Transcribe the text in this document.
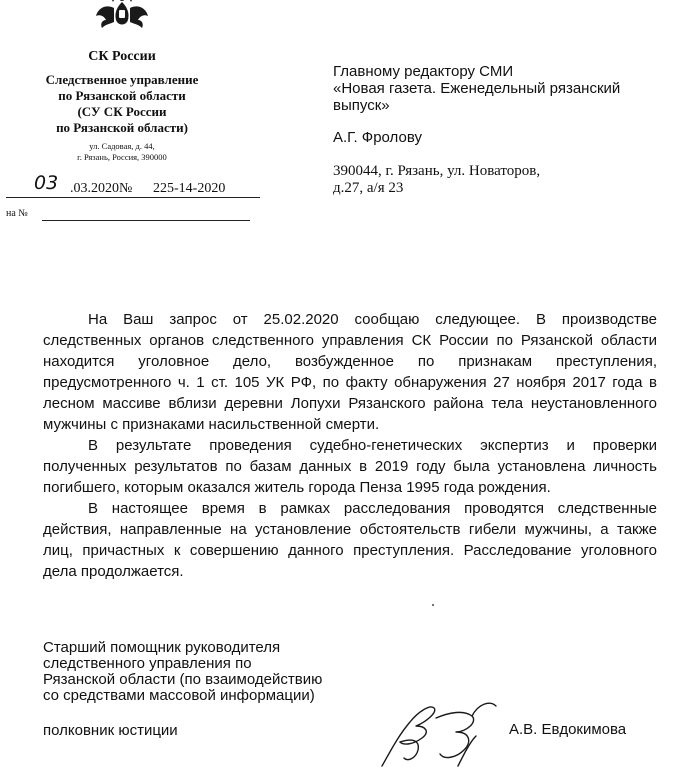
СК России
Следственное управление
по Рязанской области
(СУ СК России
по Рязанской области)
ул. Садовая, д. 44,
г. Рязань, Россия, 390000
03 .03.2020№ 225-14-2020
на №
Главному редактору СМИ
«Новая газета. Еженедельный рязанский
выпуск»
А.Г. Фролову
390044, г. Рязань, ул. Новаторов,
д.27, а/я 23

На Ваш запрос от 25.02.2020 сообщаю следующее. В производстве следственных органов следственного управления СК России по Рязанской области находится уголовное дело, возбужденное по признакам преступления, предусмотренного ч. 1 ст. 105 УК РФ, по факту обнаружения 27 ноября 2017 года в лесном массиве вблизи деревни Лопухи Рязанского района тела неустановленного мужчины с признаками насильственной смерти.

В результате проведения судебно-генетических экспертиз и проверки полученных результатов по базам данных в 2019 году была установлена личность погибшего, которым оказался житель города Пенза 1995 года рождения.

В настоящее время в рамках расследования проводятся следственные действия, направленные на установление обстоятельств гибели мужчины, а также лиц, причастных к совершению данного преступления. Расследование уголовного дела продолжается.

Старший помощник руководителя
следственного управления по
Рязанской области (по взаимодействию
со средствами массовой информации)
полковник юстиции	А.В. Евдокимова
